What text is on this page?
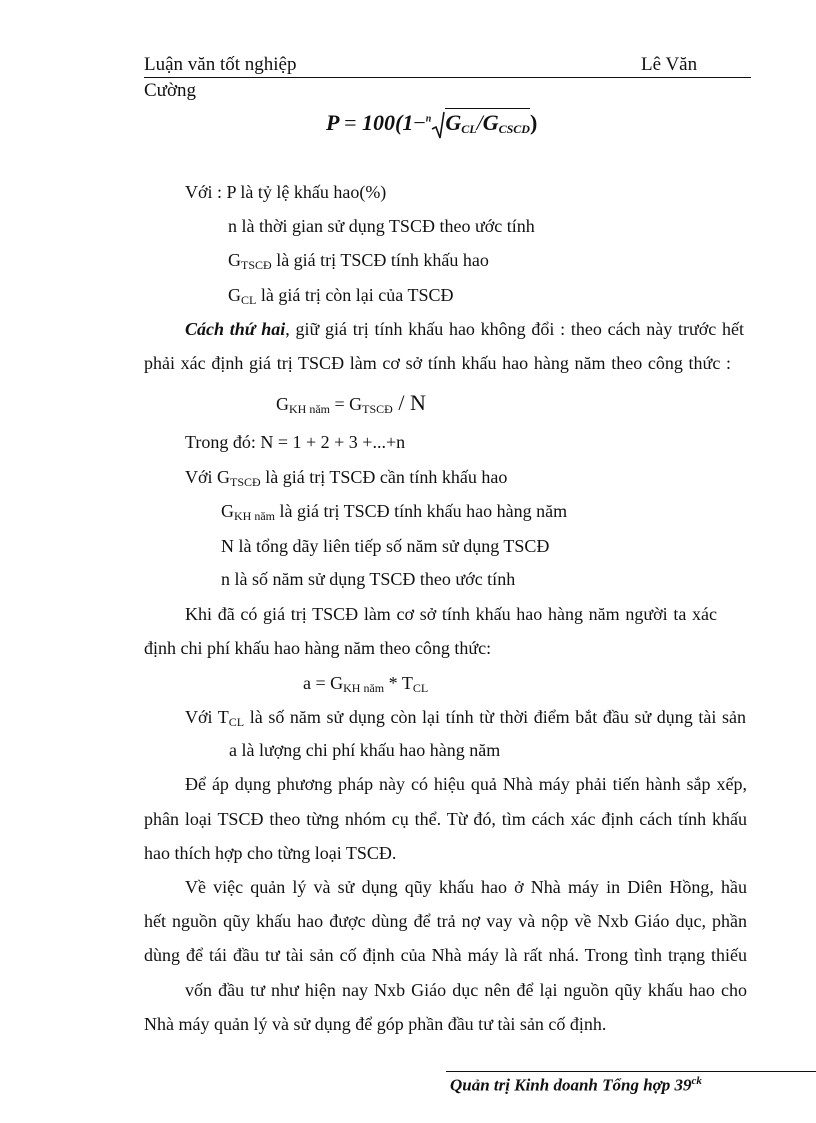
Luận văn tốt nghiệp	Lê Văn
Cường
P = 100(1−$^n$ $G_{CL}/G_{CSCD}$)
Với : P là tỷ lệ khấu hao(%)
n là thời gian sử dụng TSCĐ theo ước tính
$G_{TSCĐ}$ là giá trị TSCĐ tính khấu hao
$G_{CL}$ là giá trị còn lại của TSCĐ
Cách thứ hai, giữ giá trị tính khấu hao không đổi : theo cách này trước hết
phải xác định giá trị TSCĐ làm cơ sở tính khấu hao hàng năm theo công thức :
$G_{KH năm} = G_{TSCĐ} / N$
Trong đó: N = 1 + 2 + 3 +...+n
Với $G_{TSCĐ}$ là giá trị TSCĐ cần tính khấu hao
$G_{KH năm}$ là giá trị TSCĐ tính khấu hao hàng năm
N là tổng dãy liên tiếp số năm sử dụng TSCĐ
n là số năm sử dụng TSCĐ theo ước tính
Khi đã có giá trị TSCĐ làm cơ sở tính khấu hao hàng năm người ta xác
định chi phí khấu hao hàng năm theo công thức:
$a = G_{KH năm} * T_{CL}$
Với $T_{CL}$ là số năm sử dụng còn lại tính từ thời điểm bắt đầu sử dụng tài sản
a là lượng chi phí khấu hao hàng năm
Để áp dụng phương pháp này có hiệu quả Nhà máy phải tiến hành sắp xếp,
phân loại TSCĐ theo từng nhóm cụ thể. Từ đó, tìm cách xác định cách tính khấu
hao thích hợp cho từng loại TSCĐ.
Về việc quản lý và sử dụng qũy khấu hao ở Nhà máy in Diên Hồng, hầu
hết nguồn qũy khấu hao được dùng để trả nợ vay và nộp về Nxb Giáo dục, phần
dùng để tái đầu tư tài sản cố định của Nhà máy là rất nhá. Trong tình trạng thiếu
vốn đầu tư như hiện nay Nxb Giáo dục nên để lại nguồn qũy khấu hao cho
Nhà máy quản lý và sử dụng để góp phần đầu tư tài sản cố định.
Quản trị Kinh doanh Tổng hợp $39^{ck}$
